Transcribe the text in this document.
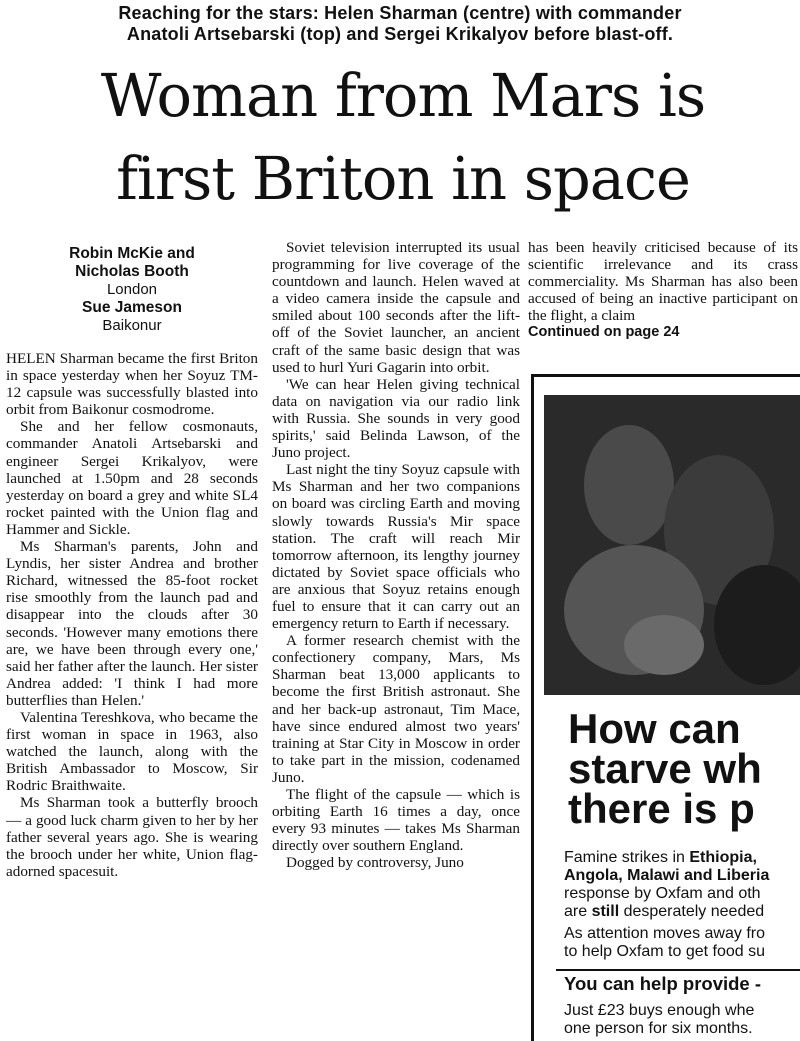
Reaching for the stars: Helen Sharman (centre) with commander
Anatoli Artsebarski (top) and Sergei Krikalyov before blast-off.
Woman from Mars is
first Briton in space
Robin McKie and
Nicholas Booth
London
Sue Jameson
Baikonur

HELEN Sharman became the first Briton in space yesterday when her Soyuz TM-12 capsule was successfully blasted into orbit from Baikonur cosmodrome.

She and her fellow cosmonauts, commander Anatoli Artsebarski and engineer Sergei Krikalyov, were launched at 1.50pm and 28 seconds yesterday on board a grey and white SL4 rocket painted with the Union flag and Hammer and Sickle.

Ms Sharman's parents, John and Lyndis, her sister Andrea and brother Richard, witnessed the 85-foot rocket rise smoothly from the launch pad and disappear into the clouds after 30 seconds. 'However many emotions there are, we have been through every one,' said her father after the launch. Her sister Andrea added: 'I think I had more butterflies than Helen.'

Valentina Tereshkova, who became the first woman in space in 1963, also watched the launch, along with the British Ambassador to Moscow, Sir Rodric Braithwaite.

Ms Sharman took a butterfly brooch — a good luck charm given to her by her father several years ago. She is wearing the brooch under her white, Union flag-adorned spacesuit.

Soviet television interrupted its usual programming for live coverage of the countdown and launch. Helen waved at a video camera inside the capsule and smiled about 100 seconds after the lift-off of the Soviet launcher, an ancient craft of the same basic design that was used to hurl Yuri Gagarin into orbit.

'We can hear Helen giving technical data on navigation via our radio link with Russia. She sounds in very good spirits,' said Belinda Lawson, of the Juno project.

Last night the tiny Soyuz capsule with Ms Sharman and her two companions on board was circling Earth and moving slowly towards Russia's Mir space station. The craft will reach Mir tomorrow afternoon, its lengthy journey dictated by Soviet space officials who are anxious that Soyuz retains enough fuel to ensure that it can carry out an emergency return to Earth if necessary.

A former research chemist with the confectionery company, Mars, Ms Sharman beat 13,000 applicants to become the first British astronaut. She and her back-up astronaut, Tim Mace, have since endured almost two years' training at Star City in Moscow in order to take part in the mission, codenamed Juno.

The flight of the capsule — which is orbiting Earth 16 times a day, once every 93 minutes — takes Ms Sharman directly over southern England.

Dogged by controversy, Juno

has been heavily criticised because of its scientific irrelevance and its crass commerciality. Ms Sharman has also been accused of being an inactive participant on the flight, a claim

Continued on page 24

How can
starve wh
there is p
Famine strikes in Ethiopia,
Angola, Malawi and Liberia
response by Oxfam and oth
are still desperately needed
As attention moves away fro
to help Oxfam to get food su
You can help provide -
Just £23 buys enough whe
one person for six months.
